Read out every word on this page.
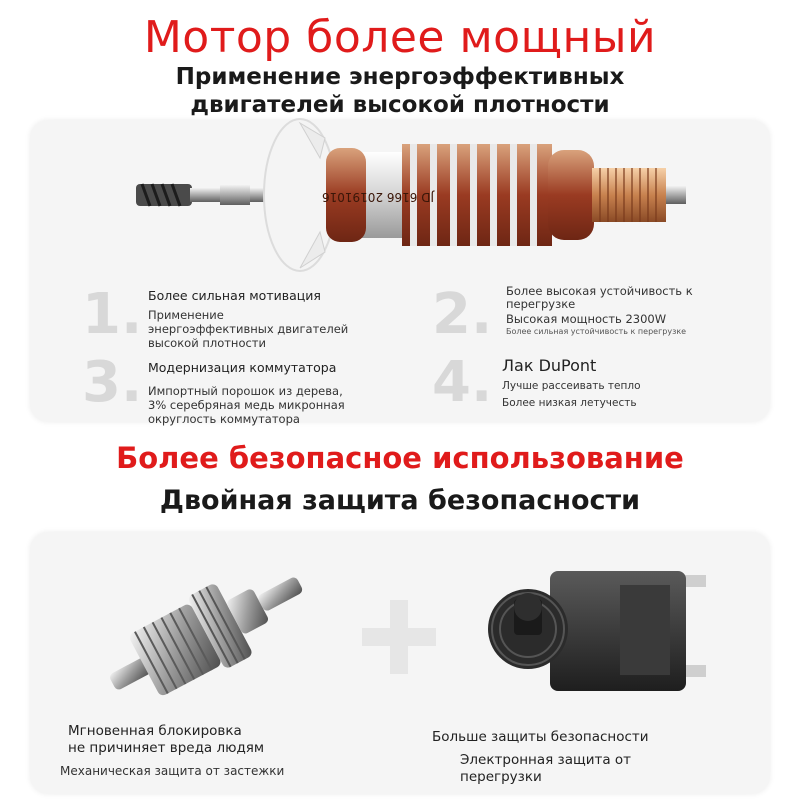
Мотор более мощный
Применение энергоэффективных
двигателей высокой плотности
JD 6166 20191016
1. Более сильная мотивация
Применение
энергоэффективных двигателей
высокой плотности	2. Более высокая устойчивость к
перегрузке
Высокая мощность 2300W
Более сильная устойчивость к перегрузке
3. Модернизация коммутатора
Импортный порошок из дерева,
3% серебряная медь микронная
округлость коммутатора
4. Лак DuPont
Лучше рассеивать тепло
Более низкая летучесть
Более безопасное использование
Двойная защита безопасности
Мгновенная блокировка
не причиняет вреда людям
Механическая защита от застежки
Больше защиты безопасности
Электронная защита от
перегрузки
